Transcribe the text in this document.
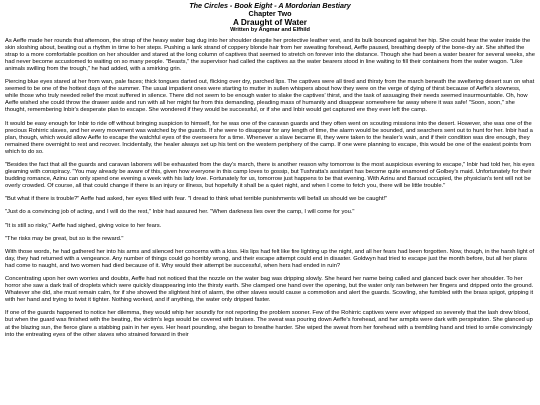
The Circles - Book Eight - A Mordorian Bestiary
Chapter Two
A Draught of Water
Written by Angmar and Elfhild

As Aeffe made her rounds that afternoon, the strap of the heavy water bag dug into her shoulder despite her protective leather vest, and its bulk bounced against her hip. She could hear the water inside the skin sloshing about, beating out a rhythm in time to her steps. Pushing a lank strand of coppery blonde hair from her sweating forehead, Aeffe paused, breathing deeply of the bone-dry air. She shifted the strap to a more comfortable position on her shoulder and stared at the long column of captives that seemed to stretch on forever into the distance. Though she had been a water bearer for several weeks, she had never become accustomed to waiting on so many people. "Beasts," the supervisor had called the captives as the water bearers stood in line waiting to fill their containers from the water wagon. "Like animals swilling from the trough," he had added, with a smirking grin.

Piercing blue eyes stared at her from wan, pale faces; thick tongues darted out, flicking over dry, parched lips. The captives were all tired and thirsty from the march beneath the sweltering desert sun on what seemed to be one of the hottest days of the summer. The usual impatient ones were starting to mutter in sullen whispers about how they were on the verge of dying of thirst because of Aeffe's slowness, while those who truly needed relief the most suffered in silence. There did not seem to be enough water to slake the captives' thirst, and the task of assuaging their needs seemed insurmountable. Oh, how Aeffe wished she could throw the drawer aside and run with all her might far from this demanding, pleading mass of humanity and disappear somewhere far away where it was safe! "Soon, soon," she thought, remembering Inbir's desperate plan to escape. She wondered if they would be successful, or if she and Inbir would get captured ere they ever left the camp.

It would be easy enough for Inbir to ride off without bringing suspicion to himself, for he was one of the caravan guards and they often went on scouting missions into the desert. However, she was one of the precious Rohirric slaves, and her every movement was watched by the guards. If she were to disappear for any length of time, the alarm would be sounded, and searchers sent out to hunt for her. Inbir had a plan, though, which would allow Aeffe to escape the watchful eyes of the overseers for a time. Whenever a slave became ill, they were taken to the healer's wain, and if their condition was dire enough, they remained there overnight to rest and recover. Incidentally, the healer always set up his tent on the western periphery of the camp. If one were planning to escape, this would be one of the easiest points from which to do so.

"Besides the fact that all the guards and caravan laborers will be exhausted from the day's march, there is another reason why tomorrow is the most auspicious evening to escape," Inbir had told her, his eyes gleaming with conspiracy. "You may already be aware of this, given how everyone in this camp loves to gossip, but Tushratta's assistant has become quite enamored of Golbey's maid. Unfortunately for their budding romance, Azinu can only spend one evening a week with his lady love. Fortunately for us, tomorrow just happens to be that evening. With Azinu and Barsud occupied, the physician's tent will not be overly crowded. Of course, all that could change if there is an injury or illness, but hopefully it shall be a quiet night, and when I come to fetch you, there will be little trouble."

"But what if there is trouble?" Aeffe had asked, her eyes filled with fear. "I dread to think what terrible punishments will befall us should we be caught!"

"Just do a convincing job of acting, and I will do the rest," Inbir had assured her. "When darkness lies over the camp, I will come for you."

"It is still so risky," Aeffe had sighed, giving voice to her fears.

"The risks may be great, but so is the reward."

With those words, he had gathered her into his arms and silenced her concerns with a kiss. His lips had felt like fire lighting up the night, and all her fears had been forgotten. Now, though, in the harsh light of day, they had returned with a vengeance. Any number of things could go horribly wrong, and their escape attempt could end in disaster. Goldwyn had tried to escape just the month before, but all her plans had come to naught, and two women had died because of it. Why would their attempt be successful, when hers had ended in ruin?

Concentrating upon her own worries and doubts, Aeffe had not noticed that the nozzle on the water bag was dripping slowly. She heard her name being called and glanced back over her shoulder. To her horror she saw a dark trail of droplets which were quickly disappearing into the thirsty earth. She clamped one hand over the opening, but the water only ran between her fingers and dripped onto the ground. Whatever she did, she must remain calm, for if she showed the slightest hint of alarm, the other slaves would cause a commotion and alert the guards. Scowling, she fumbled with the brass spigot, gripping it with her hand and trying to twist it tighter. Nothing worked, and if anything, the water only dripped faster.

If one of the guards happened to notice her dilemma, they would whip her soundly for not reporting the problem sooner. Few of the Rohirric captives were ever whipped so severely that the lash drew blood, but when the guard was finished with the beating, the victim's legs would be covered with bruises. The sweat was pouring down Aeffe's forehead, and her armpits were dark with perspiration. She glanced up at the blazing sun, the fierce glare a stabbing pain in her eyes. Her heart pounding, she began to breathe harder. She wiped the sweat from her forehead with a trembling hand and tried to smile convincingly into the entreating eyes of the other slaves who strained forward in their
